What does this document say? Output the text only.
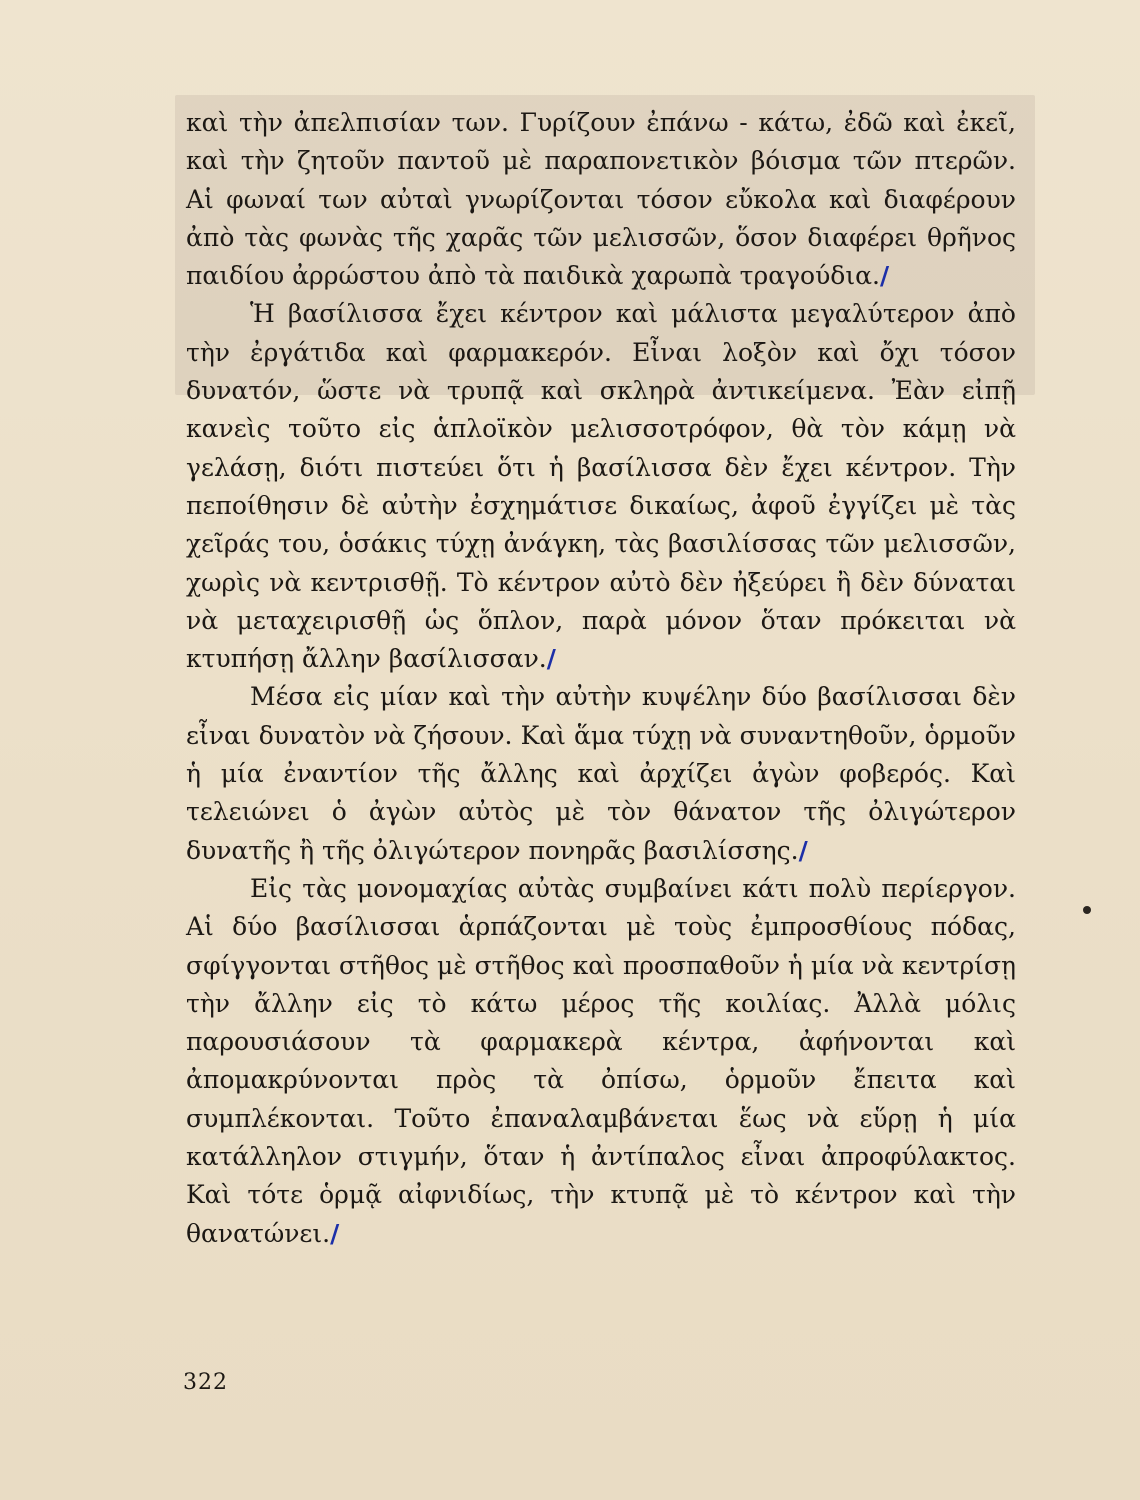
καὶ τὴν ἀπελπισίαν των. Γυρίζουν ἐπάνω - κάτω, ἐδῶ καὶ ἐκεῖ, καὶ τὴν ζητοῦν παντοῦ μὲ παραπονετικὸν βόισμα τῶν πτερῶν. Αἱ φωναί των αὐταὶ γνωρίζονται τόσον εὔκολα καὶ διαφέρουν ἀπὸ τὰς φωνὰς τῆς χαρᾶς τῶν μελισσῶν, ὅσον διαφέρει θρῆνος παιδίου ἀρρώστου ἀπὸ τὰ παιδικὰ χαρωπὰ τραγούδια./

Ἡ βασίλισσα ἔχει κέντρον καὶ μάλιστα μεγαλύτερον ἀπὸ τὴν ἐργάτιδα καὶ φαρμακερόν. Εἶναι λοξὸν καὶ ὄχι τόσον δυνατόν, ὥστε νὰ τρυπᾷ καὶ σκληρὰ ἀντικείμενα. Ἐὰν εἰπῇ κανεὶς τοῦτο εἰς ἁπλοϊκὸν μελισσοτρόφον, θὰ τὸν κάμῃ νὰ γελάσῃ, διότι πιστεύει ὅτι ἡ βασίλισσα δὲν ἔχει κέντρον. Τὴν πεποίθησιν δὲ αὐτὴν ἐσχημάτισε δικαίως, ἀφοῦ ἐγγίζει μὲ τὰς χεῖράς του, ὁσάκις τύχῃ ἀνάγκη, τὰς βασιλίσσας τῶν μελισσῶν, χωρὶς νὰ κεντρισθῇ. Τὸ κέντρον αὐτὸ δὲν ἠξεύρει ἢ δὲν δύναται νὰ μεταχειρισθῇ ὡς ὅπλον, παρὰ μόνον ὅταν πρόκειται νὰ κτυπήσῃ ἄλλην βασίλισσαν./

Μέσα εἰς μίαν καὶ τὴν αὐτὴν κυψέλην δύο βασίλισσαι δὲν εἶναι δυνατὸν νὰ ζήσουν. Καὶ ἅμα τύχῃ νὰ συναντηθοῦν, ὁρμοῦν ἡ μία ἐναντίον τῆς ἄλλης καὶ ἀρχίζει ἀγὼν φοβερός. Καὶ τελειώνει ὁ ἀγὼν αὐτὸς μὲ τὸν θάνατον τῆς ὀλιγώτερον δυνατῆς ἢ τῆς ὀλιγώτερον πονηρᾶς βασιλίσσης./

Εἰς τὰς μονομαχίας αὐτὰς συμβαίνει κάτι πολὺ περίεργον. Αἱ δύο βασίλισσαι ἁρπάζονται μὲ τοὺς ἐμπροσθίους πόδας, σφίγγονται στῆθος μὲ στῆθος καὶ προσπαθοῦν ἡ μία νὰ κεντρίσῃ τὴν ἄλλην εἰς τὸ κάτω μέρος τῆς κοιλίας. Ἀλλὰ μόλις παρουσιάσουν τὰ φαρμακερὰ κέντρα, ἀφήνονται καὶ ἀπομακρύνονται πρὸς τὰ ὀπίσω, ὁρμοῦν ἔπειτα καὶ συμπλέκονται. Τοῦτο ἐπαναλαμβάνεται ἕως νὰ εὕρῃ ἡ μία κατάλληλον στιγμήν, ὅταν ἡ ἀντίπαλος εἶναι ἀπροφύλακτος. Καὶ τότε ὁρμᾷ αἰφνιδίως, τὴν κτυπᾷ μὲ τὸ κέντρον καὶ τὴν θανατώνει./

322
